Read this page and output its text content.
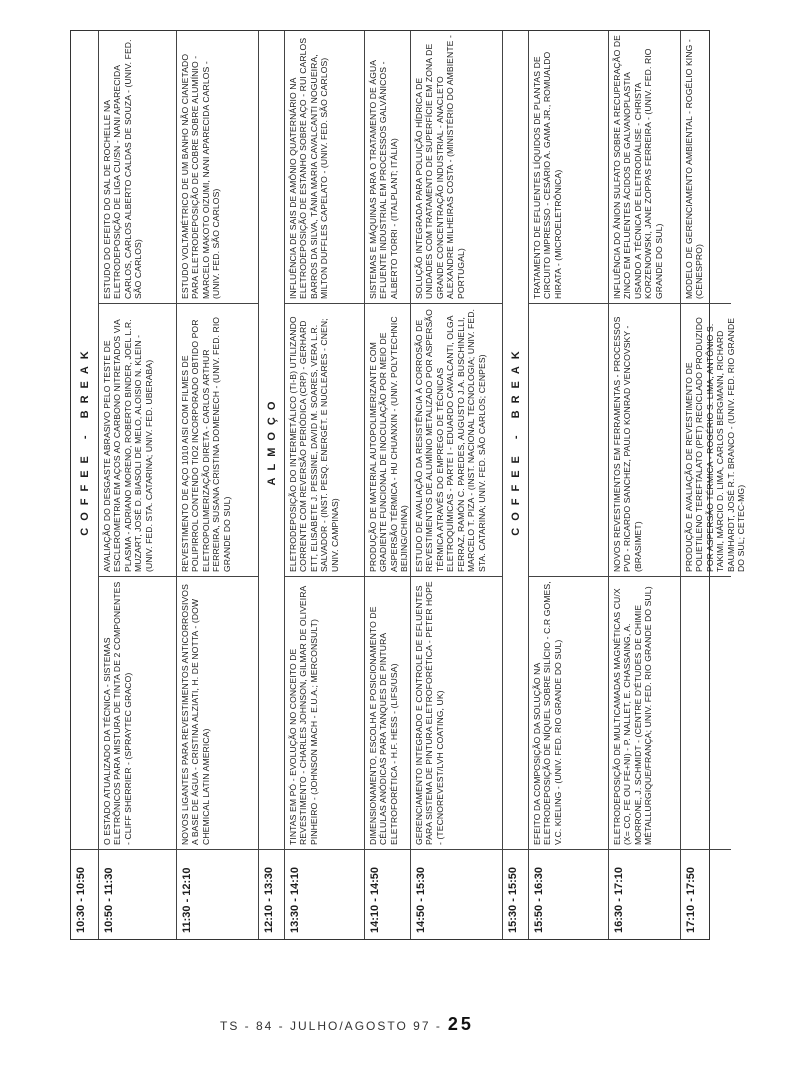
10:30 - 10:50
COFFEE - BREAK
10:50 - 11:30
O ESTADO ATUALIZADO DA TÉCNICA - SISTEMAS ELETRÔNICOS PARA MISTURA DE TINTA DE 2 COMPONENTES - CLIFF SHERRIER - (SPRAYTEC GRACO)
AVALIAÇÃO DO DESGASTE ABRASIVO PELO TESTE DE ESCLEROMETRIA EM AÇOS AO CARBONO NITRETADOS VIA PLASMA - ADRIANO MORENO, ROBERTO BINDER, JOEL L.R. MUZART, JOSÉ D. BIASOLI DE MELO, ALOISIO N. KLEIN - (UNIV. FED. STA. CATARINA; UNIV. FED. UBERABA)
ESTUDO DO EFEITO DO SAL DE ROCHELLE NA ELETRODEPOSIÇÃO DE LIGA CU/SN - NANI APARECIDA CARLOS, CARLOS ALBERTO CALDAS DE SOUZA - (UNIV. FED. SÃO CARLOS)
11:30 - 12:10
NOVOS LIGANTES PARA REVESTIMENTOS ANTICORROSIVOS A BASE DE ÁGUA - CRISTINA ALZIATI, H. DE NOTTA - (DOW CHEMICAL LATIN AMERICA)
REVESTIMENTO DE AÇO 1010 AISI COM FILMES DE POLIPIRROL CONTENDO TIO2 INCORPORADO OBTIDO POR ELETROPOLIMERIZAÇÃO DIRETA - CARLOS ARTHUR FERREIRA, SUSANA CRISTINA DOMENECH - (UNIV. FED. RIO GRANDE DO SUL)
ESTUDO VOLTAMÉTRICO DE UM BANHO NÃO CIANETADO PARA ELETRODEPOSIÇÃO DE COBRE SOBRE ALUMÍNIO - MARCELO MAKOTO OIZUMI, NANI APARECIDA CARLOS - (UNIV. FED. SÃO CARLOS)
12:10 - 13:30
ALMOÇO
13:30 - 14:10
TINTAS EM PÓ - EVOLUÇÃO NO CONCEITO DE REVESTIMENTO - CHARLES JOHNSON, GILMAR DE OLIVEIRA PINHEIRO - (JOHNSON MACH - E.U.A.; MERCONSULT)
ELETRODEPOSIÇÃO DO INTERMETÁLICO (TI-B) UTILIZANDO CORRENTE COM REVERSÃO PERIÓDICA (CRP) - GERHARD ETT, ELISABETE J. PESSINE, DAVID M. SOARES, VERA L.R. SALVADOR - (INST. PESQ. ENERGÉT. E NUCLEARES - CNEN; UNIV. CAMPINAS)
INFLUÊNCIA DE SAIS DE AMÔNIO QUATERNÁRIO NA ELETRODEPOSIÇÃO DE ESTANHO SOBRE AÇO - RUI CARLOS BARROS DA SILVA, TÂNIA MARIA CAVALCANTI NOGUEIRA, MILTON DUFFLES CAPELATO - (UNIV. FED. SÃO CARLOS)
14:10 - 14:50
DIMENSIONAMENTO, ESCOLHA E POSICIONAMENTO DE CÉLULAS ANÓDICAS PARA TANQUES DE PINTURA ELETROFORÉTICA - H.F. HESS - (LIFS/USA)
PRODUÇÃO DE MATERIAL AUTOPOLIMERIZANTE COM GRADIENTE FUNCIONAL DE INOCULAÇÃO POR MEIO DE ASPERSÃO TÉRMICA - HU CHUANXIN - (UNIV. POLYTECHNIC BEIJING/CHINA)
SISTEMAS E MÁQUINAS PARA O TRATAMENTO DE ÁGUA EFLUENTE INDUSTRIAL EM PROCESSOS GALVÂNICOS - ALBERTO TORRI - (ITALPLANT; ITÁLIA)
14:50 - 15:30
GERENCIAMENTO INTEGRADO E CONTROLE DE EFLUENTES PARA SISTEMA DE PINTURA ELETROFORÉTICA - PETER HOPE - (TECNOREVEST/LVH COATING, UK)
ESTUDO DE AVALIAÇÃO DA RESISTÊNCIA À CORROSÃO DE REVESTIMENTOS DE ALUMÍNIO METALIZADO POR ASPERSÃO TÉRMICA ATRAVÉS DO EMPREGO DE TÉCNICAS ELETROQUÍMICAS - PARTE I - EDUARDO CAVALCANTI, OLGA FERRAZ, RAMÓN C. PAREDES, AUGUSTO J.A. BUSCHINELLI, MARCELO T. PIZA - (INST. NACIONAL TECNOLOGIA; UNIV. FED. STA. CATARINA; UNIV. FED. SÃO CARLOS; CENPES)
SOLUÇÃO INTEGRADA PARA POLUIÇÃO HÍDRICA DE UNIDADES COM TRATAMENTO DE SUPERFÍCIE EM ZONA DE GRANDE CONCENTRAÇÃO INDUSTRIAL - ANACLETO ALEXANDRE MILHEIRAS COSTA - (MINISTÉRIO DO AMBIENTE - PORTUGAL)
15:30 - 15:50
COFFEE - BREAK
15:50 - 16:30
EFEITO DA COMPOSIÇÃO DA SOLUÇÃO NA ELETRODEPOSIÇÃO DE NÍQUEL SOBRE SILÍCIO - C.R GOMES, V.C. KIELING - (UNIV. FED. RIO GRANDE DO SUL)
TRATAMENTO DE EFLUENTES LÍQUIDOS DE PLANTAS DE CIRCUITO IMPRESSO - CESÁRIO A. GAMA JR., ROMUALDO HIRATA - (MICROELETRÔNICA)
16:30 - 17:10
ELETRODEPOSIÇÃO DE MULTICAMADAS MAGNÉTICAS CU/X (X= CO, FE OU FE+NI) - P. NALLET, E. CHASSAING, A. MORRONE, J. SCHMIDT - (CENTRE D'ÉTUDES DE CHIMIE MÉTALLURGIQUE/FRANÇA; UNIV. FED. RIO GRANDE DO SUL)
NOVOS REVESTIMENTOS EM FERRAMENTAS - PROCESSOS PVD - RICARDO SANCHEZ, PAULO KONRAD VENCOVSKY - (BRASIMET)
INFLUÊNCIA DO ÂNION SULFATO SOBRE A RECUPERAÇÃO DE ZINCO EM EFLUENTES ÁCIDOS DE GALVANOPLASTIA USANDO A TÉCNICA DE ELETRODIÁLISE - CHRISTA KORZENOWSKI, JANE ZOPPAS FERREIRA - (UNIV. FED. RIO GRANDE DO SUL)
17:10 - 17:50
PRODUÇÃO E AVALIAÇÃO DE REVESTIMENTO DE POLIETILENO TEREFTALATO (PET) RECICLADO PRODUZIDO POR ASPERSÃO TÉRMICA - ROGÉRIO S. LIMA, ANTÔNIO S. TAKIMI, MÁRCIO D. LIMA, CARLOS BERGMANN, RICHARD BAUMHARDT, JOSÉ R.T. BRANCO - (UNIV. FED. RIO GRANDE DO SUL; CETEC-MG)
MODELO DE GERENCIAMENTO AMBIENTAL - ROGÉLIO KING - (CENESPRO)
TS - 84 - JULHO/AGOSTO 97 - 25
